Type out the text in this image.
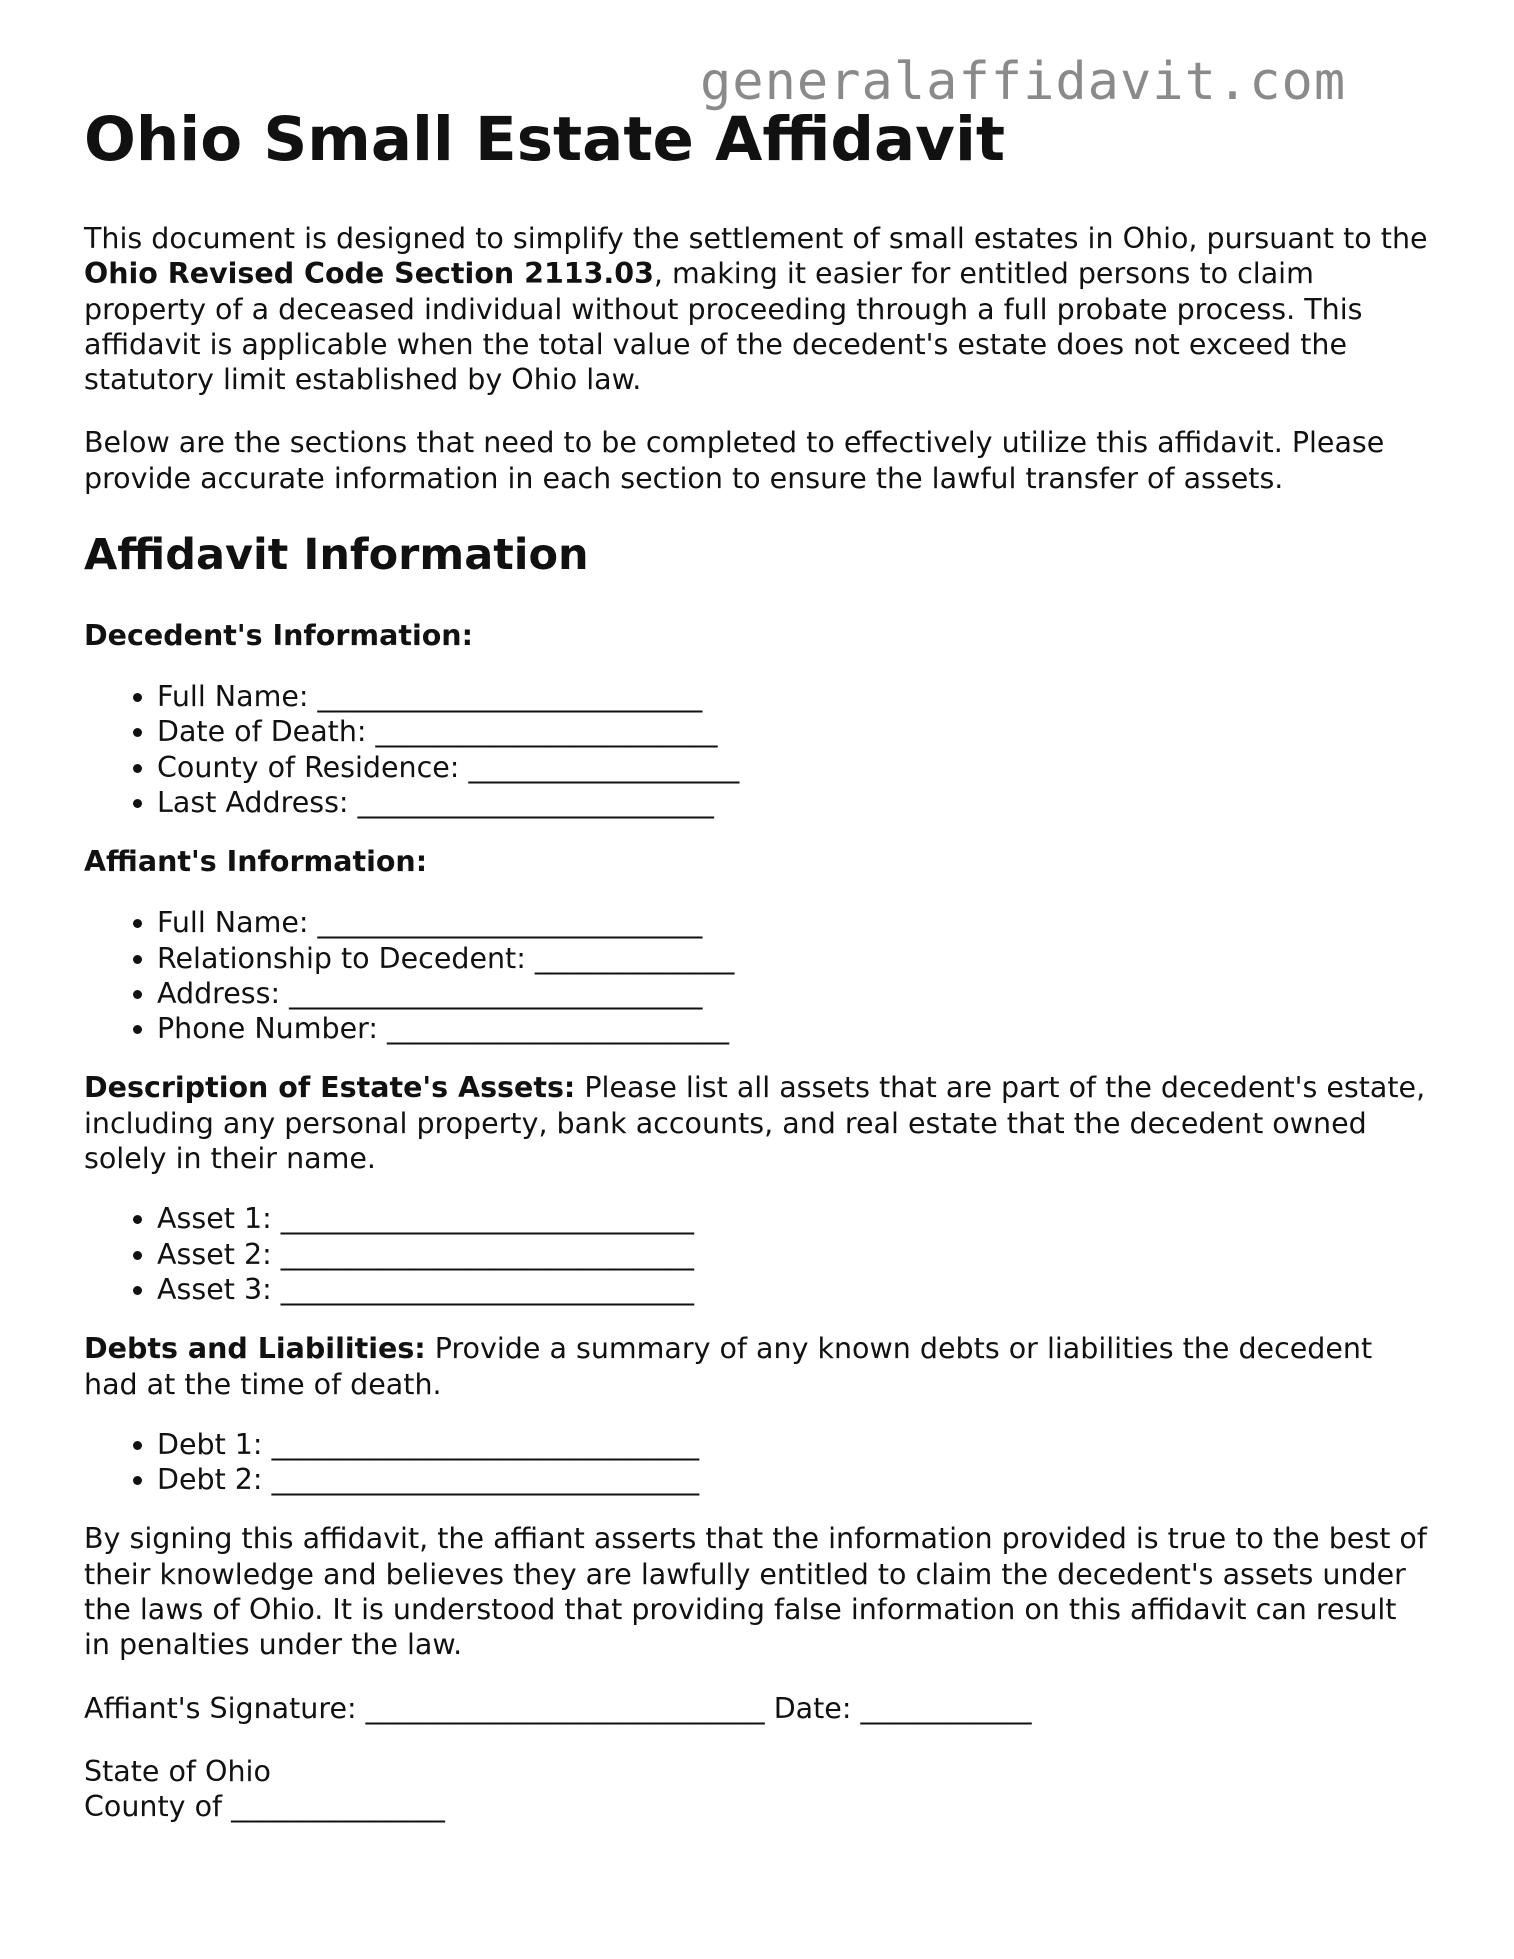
generalaffidavit.com
Ohio Small Estate Affidavit

This document is designed to simplify the settlement of small estates in Ohio, pursuant to the Ohio Revised Code Section 2113.03, making it easier for entitled persons to claim property of a deceased individual without proceeding through a full probate process. This affidavit is applicable when the total value of the decedent's estate does not exceed the statutory limit established by Ohio law.

Below are the sections that need to be completed to effectively utilize this affidavit. Please provide accurate information in each section to ensure the lawful transfer of assets.

Affidavit Information
Decedent's Information:
• Full Name: ___________________________
• Date of Death: ________________________
• County of Residence: ___________________
• Last Address: _________________________
Affiant's Information:
• Full Name: ___________________________
• Relationship to Decedent: ______________
• Address: _____________________________
• Phone Number: ________________________

Description of Estate's Assets: Please list all assets that are part of the decedent's estate, including any personal property, bank accounts, and real estate that the decedent owned solely in their name.

• Asset 1: _____________________________
• Asset 2: _____________________________
• Asset 3: _____________________________

Debts and Liabilities: Provide a summary of any known debts or liabilities the decedent had at the time of death.

• Debt 1: ______________________________
• Debt 2: ______________________________

By signing this affidavit, the affiant asserts that the information provided is true to the best of their knowledge and believes they are lawfully entitled to claim the decedent's assets under the laws of Ohio. It is understood that providing false information on this affidavit can result in penalties under the law.

Affiant's Signature: ____________________________ Date: ____________

State of Ohio

County of _______________
